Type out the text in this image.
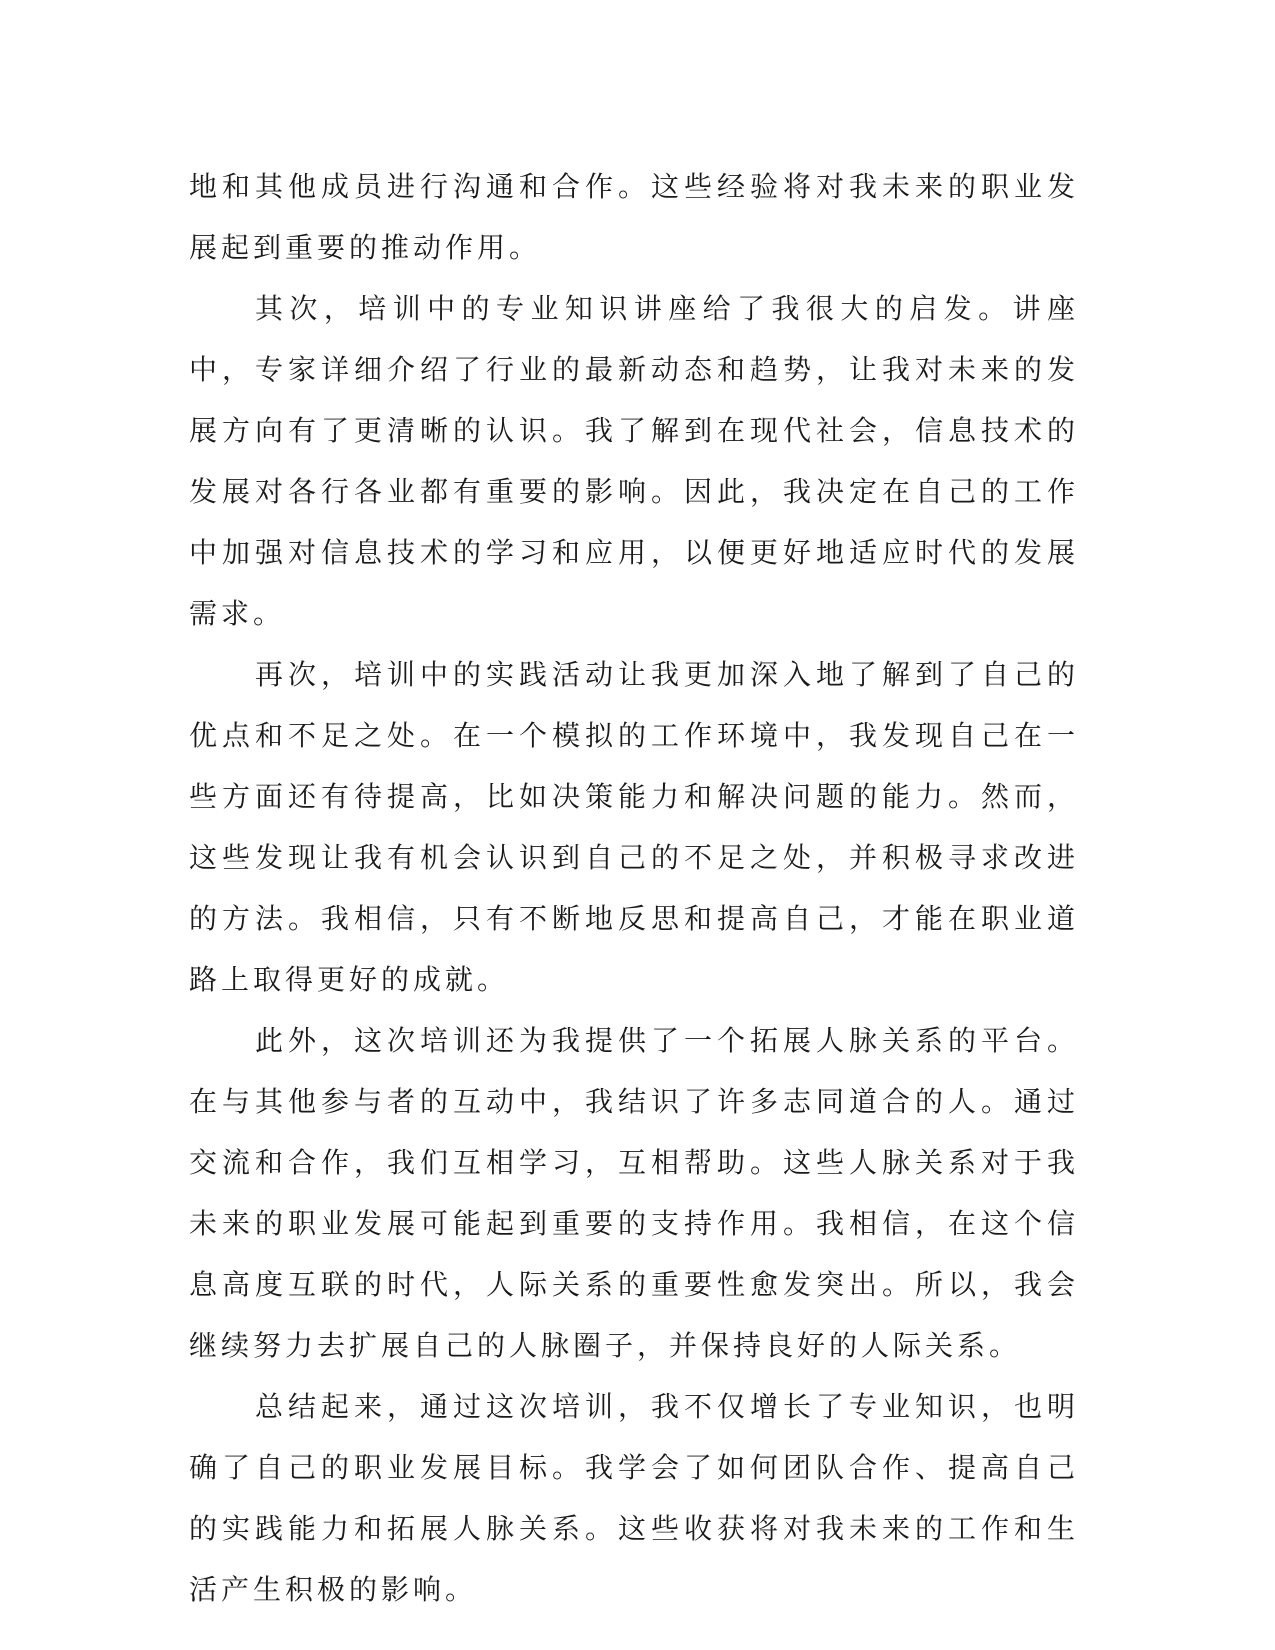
地和其他成员进行沟通和合作。这些经验将对我未来的职业发展起到重要的推动作用。

其次，培训中的专业知识讲座给了我很大的启发。讲座中，专家详细介绍了行业的最新动态和趋势，让我对未来的发展方向有了更清晰的认识。我了解到在现代社会，信息技术的发展对各行各业都有重要的影响。因此，我决定在自己的工作中加强对信息技术的学习和应用，以便更好地适应时代的发展需求。

再次，培训中的实践活动让我更加深入地了解到了自己的优点和不足之处。在一个模拟的工作环境中，我发现自己在一些方面还有待提高，比如决策能力和解决问题的能力。然而，这些发现让我有机会认识到自己的不足之处，并积极寻求改进的方法。我相信，只有不断地反思和提高自己，才能在职业道路上取得更好的成就。

此外，这次培训还为我提供了一个拓展人脉关系的平台。在与其他参与者的互动中，我结识了许多志同道合的人。通过交流和合作，我们互相学习，互相帮助。这些人脉关系对于我未来的职业发展可能起到重要的支持作用。我相信，在这个信息高度互联的时代，人际关系的重要性愈发突出。所以，我会继续努力去扩展自己的人脉圈子，并保持良好的人际关系。

总结起来，通过这次培训，我不仅增长了专业知识，也明确了自己的职业发展目标。我学会了如何团队合作、提高自己的实践能力和拓展人脉关系。这些收获将对我未来的工作和生活产生积极的影响。
